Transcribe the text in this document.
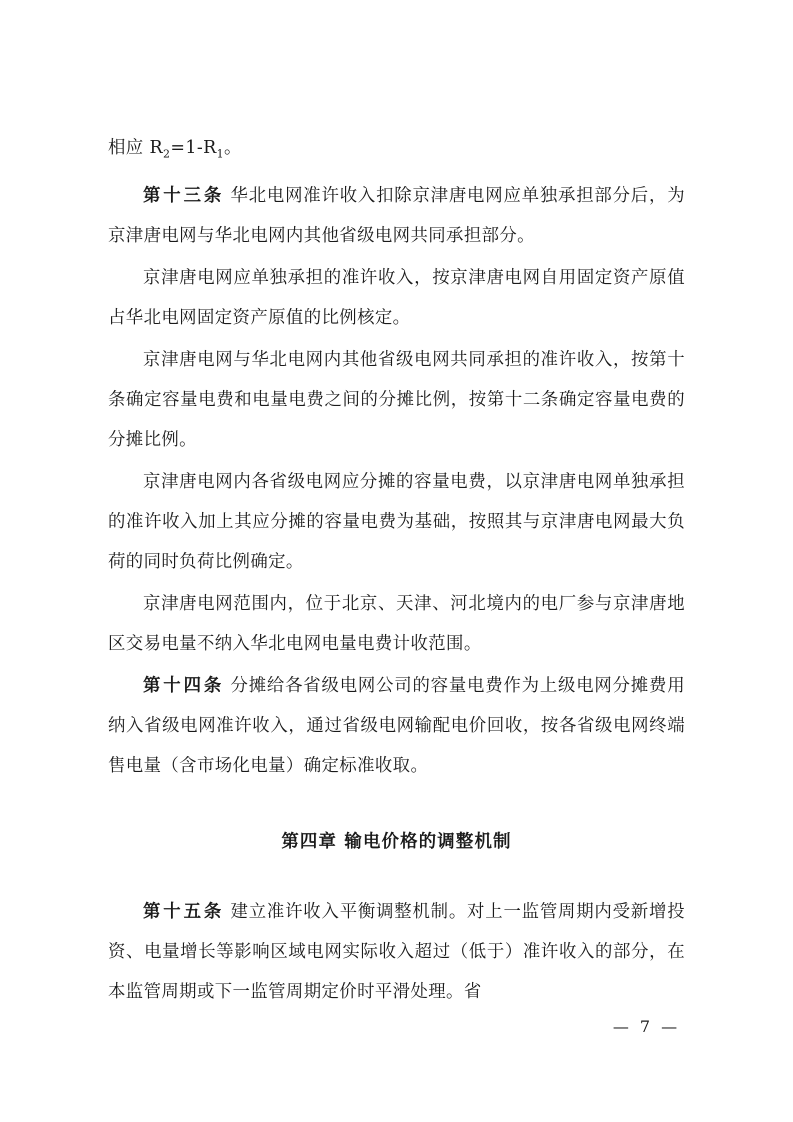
相应 $R_2=1-R_1$。

第十三条 华北电网准许收入扣除京津唐电网应单独承担部分后，为京津唐电网与华北电网内其他省级电网共同承担部分。

京津唐电网应单独承担的准许收入，按京津唐电网自用固定资产原值占华北电网固定资产原值的比例核定。

京津唐电网与华北电网内其他省级电网共同承担的准许收入，按第十条确定容量电费和电量电费之间的分摊比例，按第十二条确定容量电费的分摊比例。

京津唐电网内各省级电网应分摊的容量电费，以京津唐电网单独承担的准许收入加上其应分摊的容量电费为基础，按照其与京津唐电网最大负荷的同时负荷比例确定。

京津唐电网范围内，位于北京、天津、河北境内的电厂参与京津唐地区交易电量不纳入华北电网电量电费计收范围。

第十四条 分摊给各省级电网公司的容量电费作为上级电网分摊费用纳入省级电网准许收入，通过省级电网输配电价回收，按各省级电网终端售电量（含市场化电量）确定标准收取。

第四章 输电价格的调整机制

第十五条 建立准许收入平衡调整机制。对上一监管周期内受新增投资、电量增长等影响区域电网实际收入超过（低于）准许收入的部分，在本监管周期或下一监管周期定价时平滑处理。省

— 7 —
